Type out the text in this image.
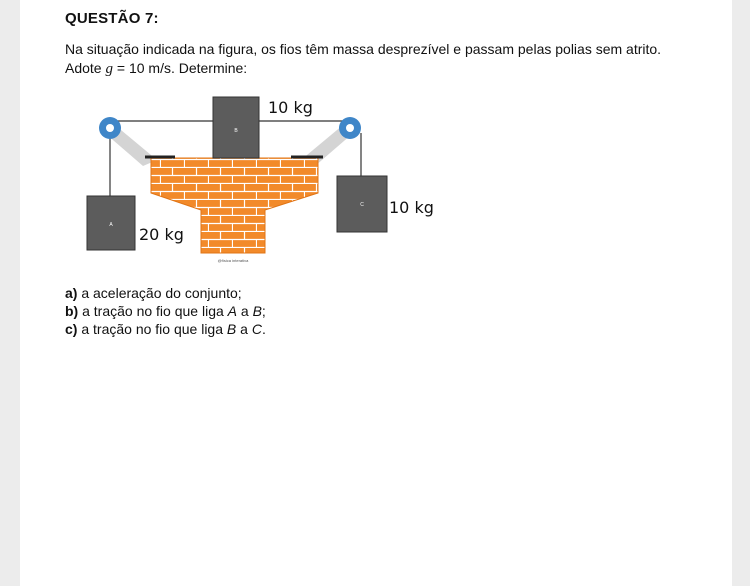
QUESTÃO 7:
Na situação indicada na figura, os fios têm massa desprezível e passam pelas polias sem atrito. Adote g = 10 m/s. Determine:
B
10 kg
A 20 kg
C 10 kg
@física interativa
a) a aceleração do conjunto;
b) a tração no fio que liga A a B;
c) a tração no fio que liga B a C.
